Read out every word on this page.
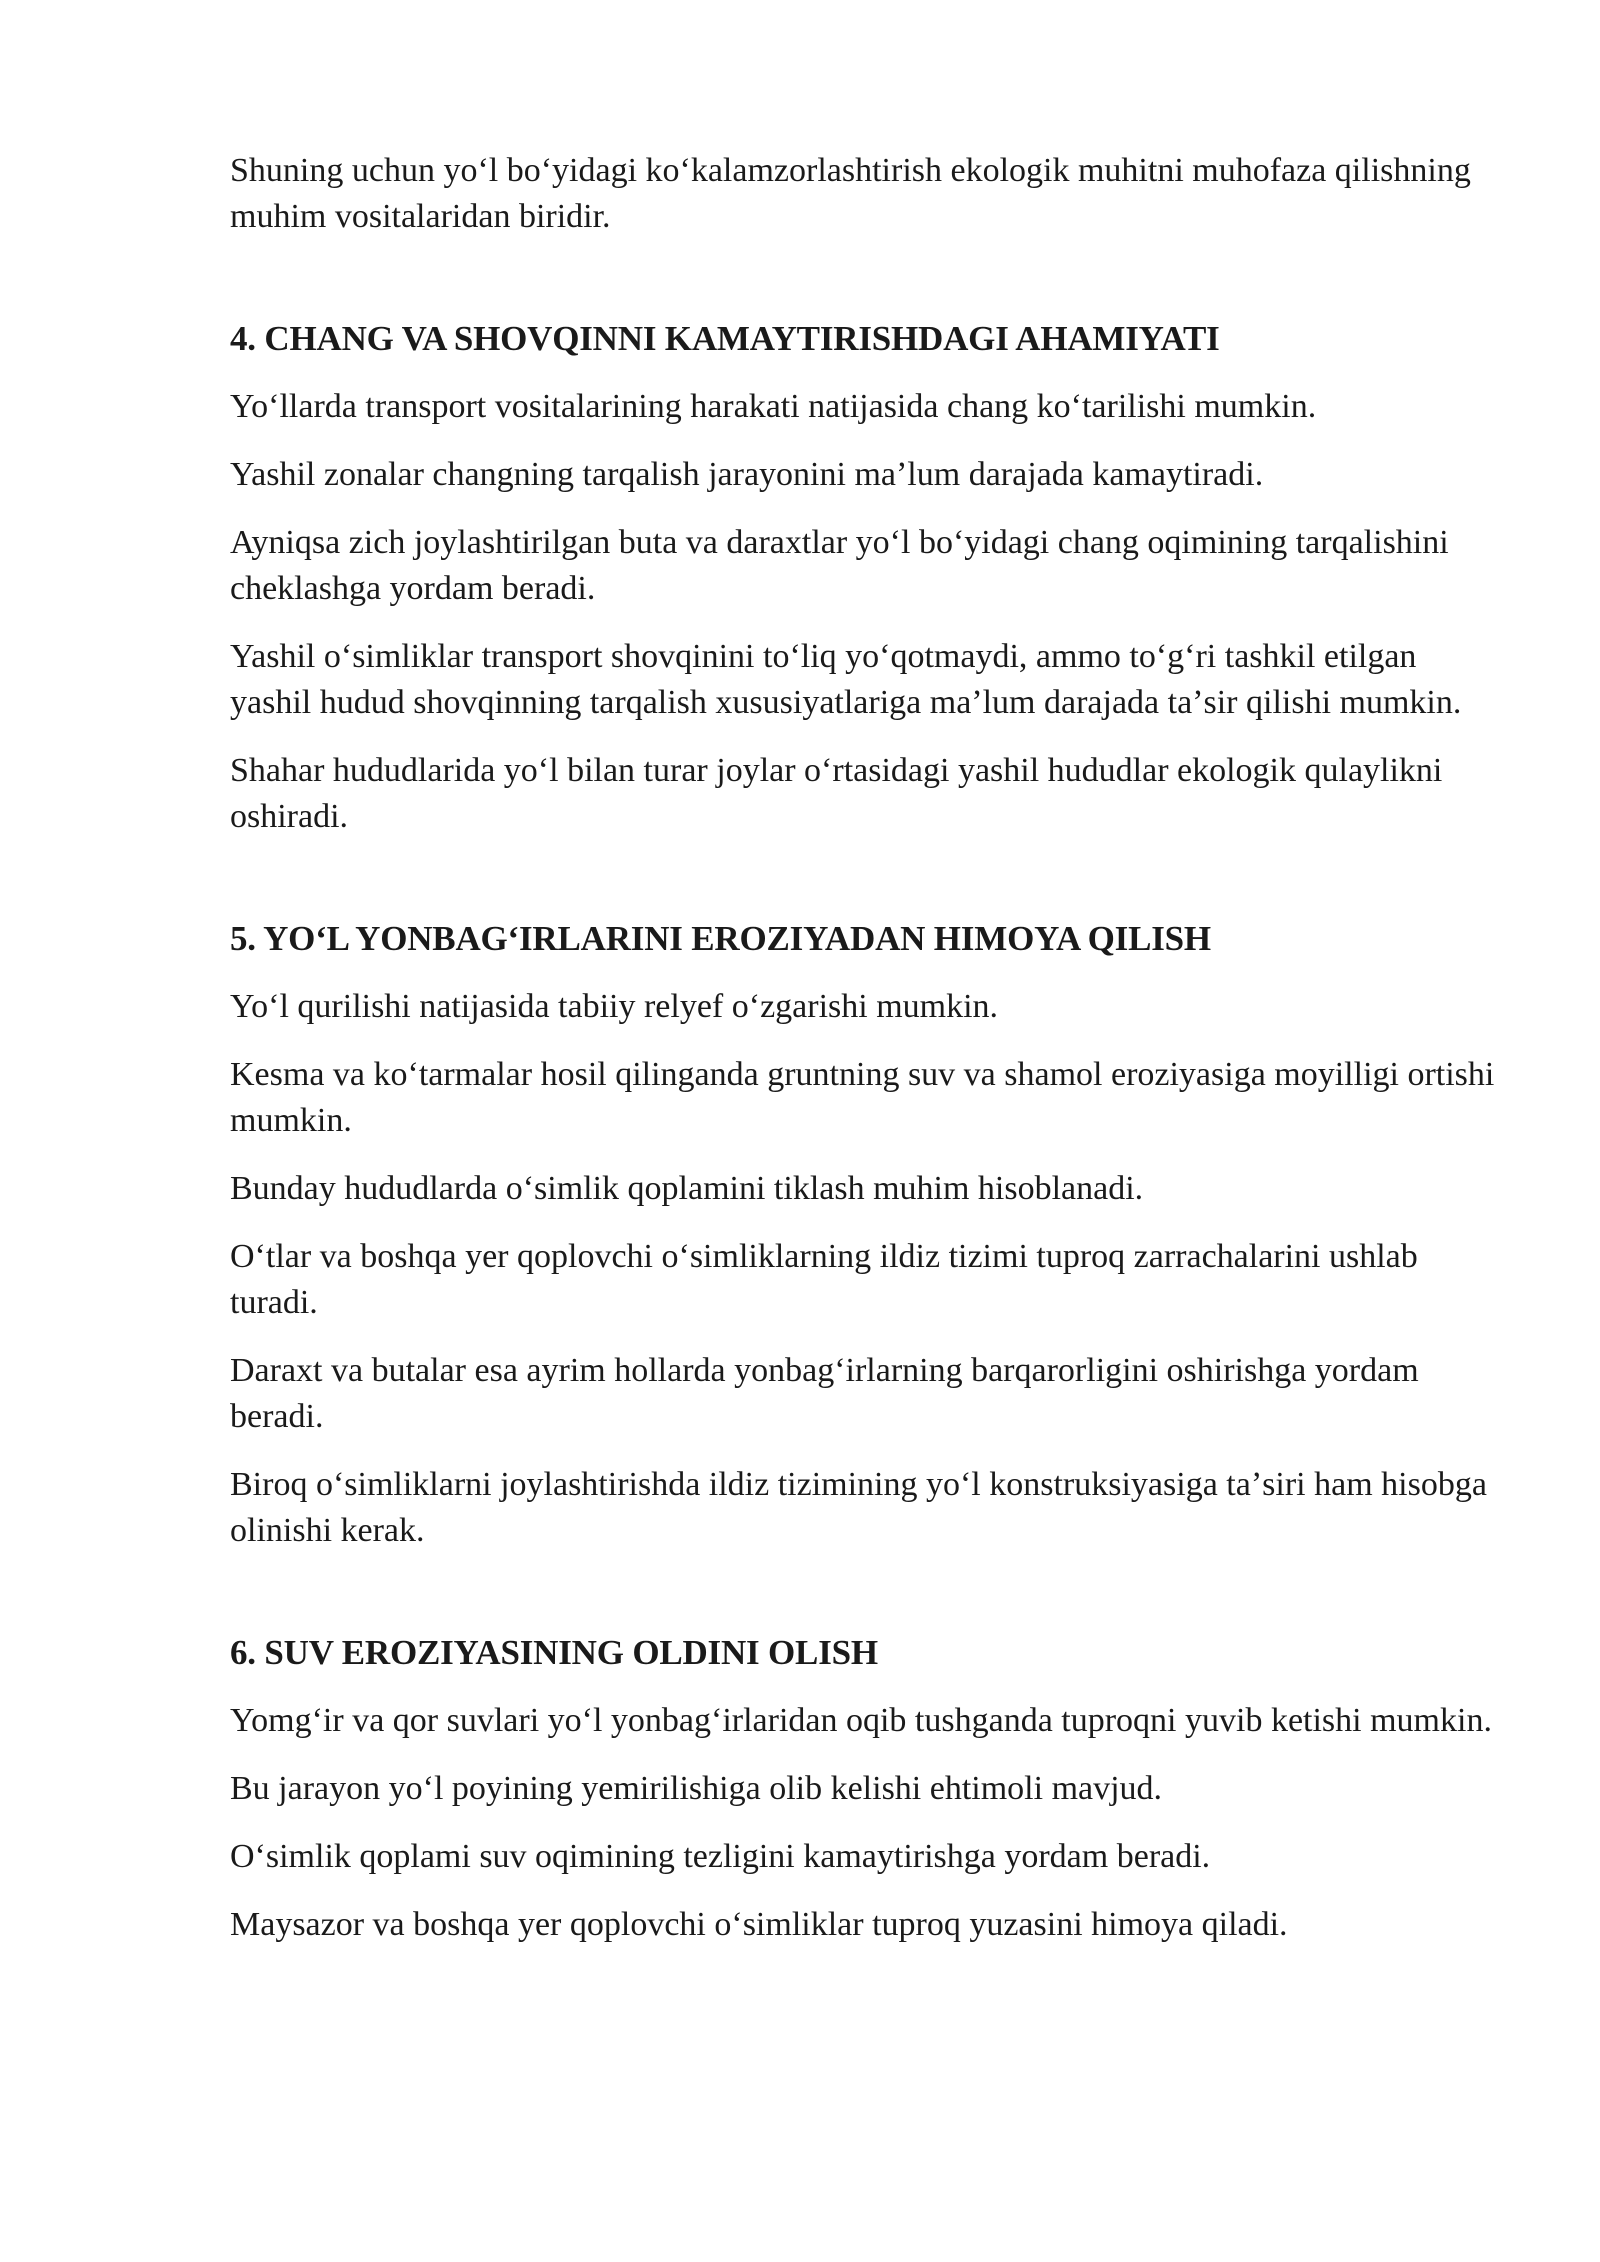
Shuning uchun yoʻl boʻyidagi koʻkalamzorlashtirish ekologik muhitni muhofaza qilishning muhim vositalaridan biridir.

4. CHANG VA SHOVQINNI KAMAYTIRISHDAGI AHAMIYATI

Yoʻllarda transport vositalarining harakati natijasida chang koʻtarilishi mumkin.

Yashil zonalar changning tarqalish jarayonini maʼlum darajada kamaytiradi.

Ayniqsa zich joylashtirilgan buta va daraxtlar yoʻl boʻyidagi chang oqimining tarqalishini cheklashga yordam beradi.

Yashil oʻsimliklar transport shovqinini toʻliq yoʻqotmaydi, ammo toʻgʻri tashkil etilgan yashil hudud shovqinning tarqalish xususiyatlariga maʼlum darajada taʼsir qilishi mumkin.

Shahar hududlarida yoʻl bilan turar joylar oʻrtasidagi yashil hududlar ekologik qulaylikni oshiradi.

5. YOʻL YONBAGʻIRLARINI EROZIYADAN HIMOYA QILISH

Yoʻl qurilishi natijasida tabiiy relyef oʻzgarishi mumkin.

Kesma va koʻtarmalar hosil qilinganda gruntning suv va shamol eroziyasiga moyilligi ortishi mumkin.

Bunday hududlarda oʻsimlik qoplamini tiklash muhim hisoblanadi.

Oʻtlar va boshqa yer qoplovchi oʻsimliklarning ildiz tizimi tuproq zarrachalarini ushlab turadi.

Daraxt va butalar esa ayrim hollarda yonbagʻirlarning barqarorligini oshirishga yordam beradi.

Biroq oʻsimliklarni joylashtirishda ildiz tizimining yoʻl konstruksiyasiga taʼsiri ham hisobga olinishi kerak.

6. SUV EROZIYASINING OLDINI OLISH

Yomgʻir va qor suvlari yoʻl yonbagʻirlaridan oqib tushganda tuproqni yuvib ketishi mumkin.

Bu jarayon yoʻl poyining yemirilishiga olib kelishi ehtimoli mavjud.

Oʻsimlik qoplami suv oqimining tezligini kamaytirishga yordam beradi.

Maysazor va boshqa yer qoplovchi oʻsimliklar tuproq yuzasini himoya qiladi.
